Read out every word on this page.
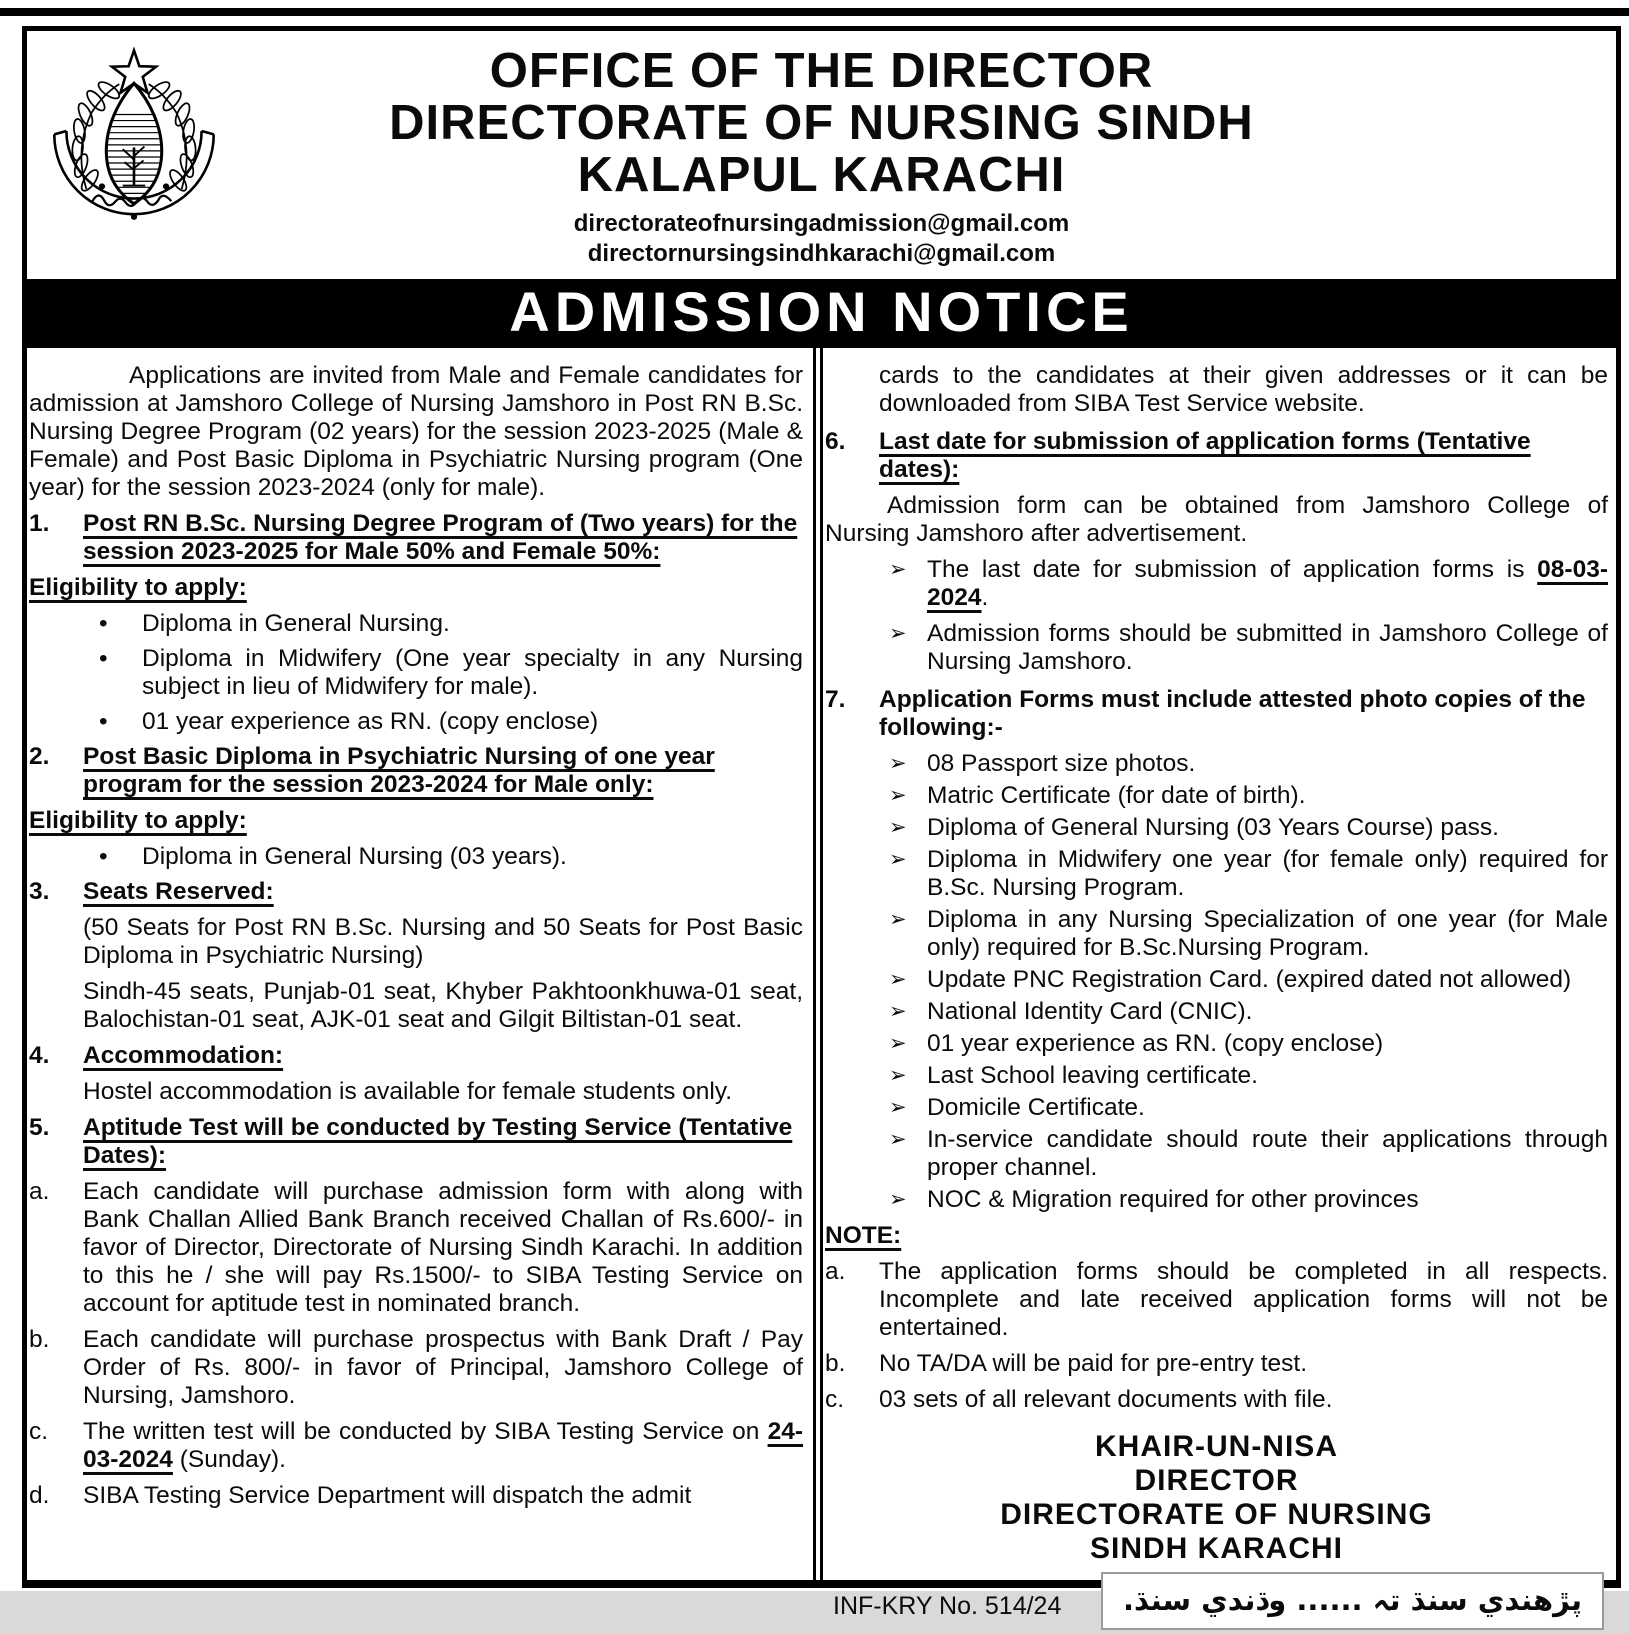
OFFICE OF THE DIRECTOR
DIRECTORATE OF NURSING SINDH
KALAPUL KARACHI
directorateofnursingadmission@gmail.com
directornursingsindhkarachi@gmail.com
ADMISSION NOTICE

Applications are invited from Male and Female candidates for admission at Jamshoro College of Nursing Jamshoro in Post RN B.Sc. Nursing Degree Program (02 years) for the session 2023-2025 (Male & Female) and Post Basic Diploma in Psychiatric Nursing program (One year) for the session 2023-2024 (only for male).

1.	Post RN B.Sc. Nursing Degree Program of (Two years) for the session 2023-2025 for Male 50% and Female 50%:
Eligibility to apply:
•	Diploma in General Nursing.
•	Diploma in Midwifery (One year specialty in any Nursing subject in lieu of Midwifery for male).
•	01 year experience as RN. (copy enclose)
2.	Post Basic Diploma in Psychiatric Nursing of one year program for the session 2023-2024 for Male only:
Eligibility to apply:
•	Diploma in General Nursing (03 years).
3.	Seats Reserved:

(50 Seats for Post RN B.Sc. Nursing and 50 Seats for Post Basic Diploma in Psychiatric Nursing)

Sindh-45 seats, Punjab-01 seat, Khyber Pakhtoonkhuwa-01 seat, Balochistan-01 seat, AJK-01 seat and Gilgit Biltistan-01 seat.

4.	Accommodation:

Hostel accommodation is available for female students only.

5.	Aptitude Test will be conducted by Testing Service (Tentative Dates):
a.	Each candidate will purchase admission form with along with Bank Challan Allied Bank Branch received Challan of Rs.600/- in favor of Director, Directorate of Nursing Sindh Karachi. In addition to this he / she will pay Rs.1500/- to SIBA Testing Service on account for aptitude test in nominated branch.
b.	Each candidate will purchase prospectus with Bank Draft / Pay Order of Rs. 800/- in favor of Principal, Jamshoro College of Nursing, Jamshoro.
c.	The written test will be conducted by SIBA Testing Service on 24-03-2024 (Sunday).
d.	SIBA Testing Service Department will dispatch the admit

cards to the candidates at their given addresses or it can be downloaded from SIBA Test Service website.

6.	Last date for submission of application forms (Tentative dates):

Admission form can be obtained from Jamshoro College of Nursing Jamshoro after advertisement.

➢ The last date for submission of application forms is 08-03-2024.
➢ Admission forms should be submitted in Jamshoro College of Nursing Jamshoro.
7.	Application Forms must include attested photo copies of the following:-
➢ 08 Passport size photos.
➢ Matric Certificate (for date of birth).
➢ Diploma of General Nursing (03 Years Course) pass.
➢ Diploma in Midwifery one year (for female only) required for B.Sc. Nursing Program.
➢ Diploma in any Nursing Specialization of one year (for Male only) required for B.Sc.Nursing Program.
➢ Update PNC Registration Card. (expired dated not allowed)
➢ National Identity Card (CNIC).
➢ 01 year experience as RN. (copy enclose)
➢ Last School leaving certificate.
➢ Domicile Certificate.
➢ In-service candidate should route their applications through proper channel.
➢ NOC & Migration required for other provinces
NOTE:
a.	The application forms should be completed in all respects. Incomplete and late received application forms will not be entertained.
b.	No TA/DA will be paid for pre-entry test.
c.	03 sets of all relevant documents with file.
KHAIR-UN-NISA
DIRECTOR
DIRECTORATE OF NURSING
SINDH KARACHI
INF-KRY No. 514/24	پڙهندي سنڌ تہ ...... وڌندي سنڌ.
